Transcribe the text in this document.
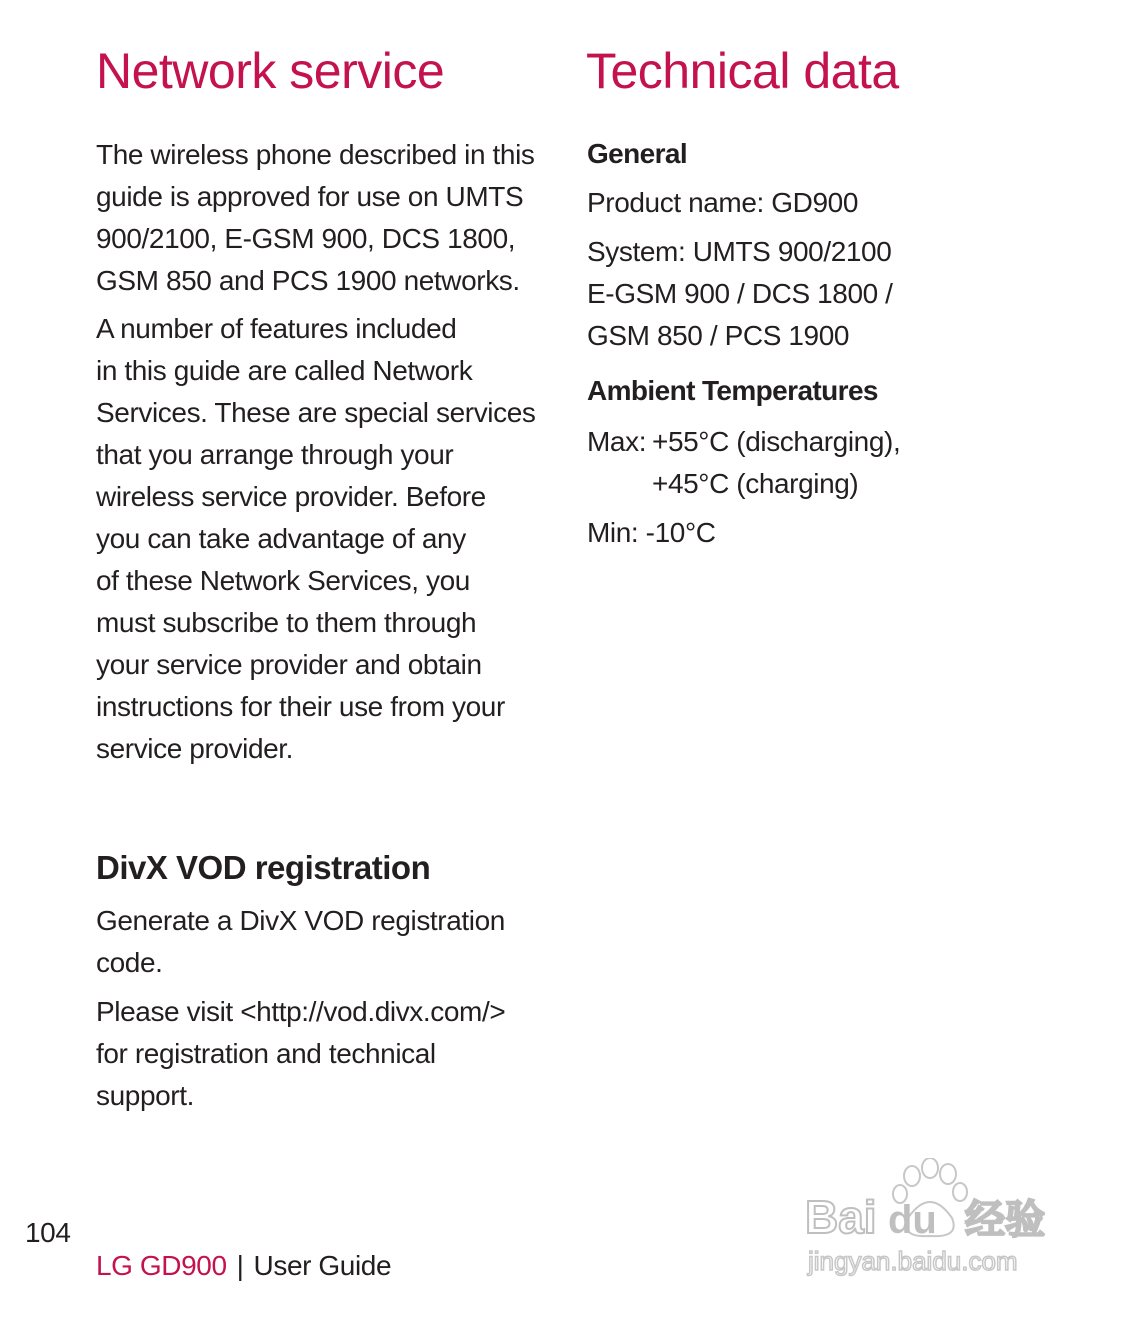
Network service

The wireless phone described in this
guide is approved for use on UMTS
900/2100, E-GSM 900, DCS 1800,
GSM 850 and PCS 1900 networks.

A number of features included
in this guide are called Network
Services. These are special services
that you arrange through your
wireless service provider. Before
you can take advantage of any
of these Network Services, you
must subscribe to them through
your service provider and obtain
instructions for their use from your
service provider.

DivX VOD registration

Generate a DivX VOD registration
code.

Please visit <http://vod.divx.com/>
for registration and technical
support.

Technical data
General
Product name: GD900

System: UMTS 900/2100
E-GSM 900 / DCS 1800 /
GSM 850 / PCS 1900

Ambient Temperatures
Max: +55°C (discharging),
+45°C (charging)
Min: -10°C
104
LG GD900 | User Guide
Bai du 经验
jingyan.baidu.com
